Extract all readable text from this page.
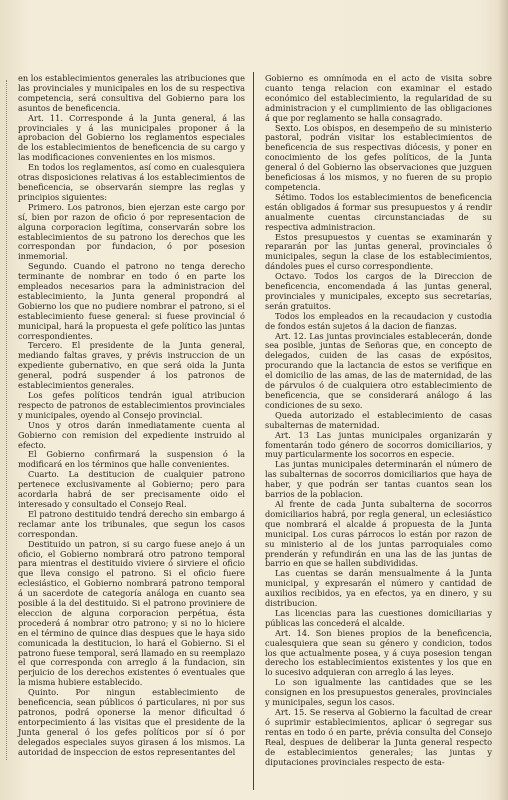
en los establecimientos generales las atribuciones que las provinciales y municipales en los de su respectiva competencia, será consultiva del Gobierno para los asuntos de beneficencia.

Art. 11. Corresponde á la Junta general, á las provinciales y á las municipales proponer á la aprobacion del Gobierno los reglamentos especiales de los establecimientos de beneficencia de su cargo y las modificaciones convenientes en los mismos.

En todos los reglamentos, así como en cualesquiera otras disposiciones relativas á los establecimientos de beneficencia, se observarán siempre las reglas y principios siguientes:

Primero. Los patronos, bien ejerzan este cargo por sí, bien por razon de oficio ó por representacion de alguna corporacion legítima, conservarán sobre los establecimientos de su patrono los derechos que les correspondan por fundacion, ó por posesion inmemorial.

Segundo. Cuando el patrono no tenga derecho terminante de nombrar en todo ó en parte los empleados necesarios para la administracion del establecimiento, la Junta general propondrá al Gobierno los que no pudiere nombrar el patrono, si el establecimiento fuese general: si fuese provincial ó municipal, hará la propuesta el gefe político las juntas correspondientes.

Tercero. El presidente de la Junta general, mediando faltas graves, y prévis instruccion de un expediente gubernativo, en que será oida la Junta general, podrá suspender á los patronos de establecimientos generales.

Los gefes políticos tendrán igual atribucion respecto de patronos de establecimientos provinciales y municipales, oyendo al Consejo provincial.

Unos y otros darán inmediatamente cuenta al Gobierno con remision del expediente instruido al efecto.

El Gobierno confirmará la suspension ó la modificará en los términos que halle convenientes.

Cuarto. La destitucion de cualquier patrono pertenece exclusivamente al Gobierno; pero para acordarla habrá de ser precisamente oido el interesado y consultado el Consejo Real.

El patrono destituido tendrá derecho sin embargo á reclamar ante los tribunales, que segun los casos correspondan.

Destituido un patron, si su cargo fuese anejo á un oficio, el Gobierno nombrará otro patrono temporal para mientras el destituido viviere ó sirviere el oficio que lleva consigo el patrono. Si el oficio fuere eclesiástico, el Gobierno nombrará patrono temporal á un sacerdote de categoría análoga en cuanto sea posible á la del destituido. Si el patrono proviniere de eleccion de alguna corporacion perpétua, ésta procederá á nombrar otro patrono; y si no lo hiciere en el término de quince dias despues que le haya sido comunicada la destitucion, lo hará el Gobierno. Si el patrono fuese temporal, será llamado en su reemplazo el que corresponda con arreglo á la fundacion, sin perjuicio de los derechos existentes ó eventuales que la misma hubiere establecido.

Quinto. Por ningun establecimiento de beneficencia, sean públicos ó particulares, ni por sus patronos, podrá oponerse la menor dificultad ó entorpecimiento á las visitas que el presidente de la Junta general ó los gefes políticos por sí ó por delegados especiales suyos girasen á los mismos. La autoridad de inspeccion de estos representantes del

Gobierno es omnímoda en el acto de visita sobre cuanto tenga relacion con examinar el estado económico del establecimiento, la regularidad de su administracion y el cumplimiento de las obligaciones á que por reglamento se halla consagrado.

Sexto. Los obispos, en desempeño de su ministerio pastoral, podrán visitar los establecimientos de beneficencia de sus respectivas diócesis, y poner en conocimiento de los gefes políticos, de la Junta general ó del Gobierno las observaciones que juzguen beneficiosas á los mismos, y no fueren de su propio competencia.

Sétimo. Todos los establecimientos de beneficencia están obligados á formar sus presupuestos y á rendir anualmente cuentas circunstanciadas de su respectiva administracion.

Estos presupuestos y cuentas se examinarán y repararán por las juntas general, provinciales ó municipales, segun la clase de los establecimientos, dándoles pues el curso correspondiente.

Octavo. Todos los cargos de la Direccion de beneficencia, encomendada á las juntas general, provinciales y municipales, excepto sus secretarías, serán gratuitos.

Todos los empleados en la recaudacion y custodia de fondos están sujetos á la dacion de fianzas.

Art. 12. Las juntas provinciales establecerán, donde sea posible, juntas de Señoras que, en concepto de delegados, cuiden de las casas de expósitos, procurando que la lactancia de estos se verifique en el domicilio de las amas, de las de maternidad, de las de párvulos ó de cualquiera otro establecimiento de beneficencia, que se considerará análogo á las condiciones de su sexo.

Queda autorizado el establecimiento de casas subalternas de maternidad.

Art. 13 Las juntas municipales organizarán y fomentarán todo género de socorros domiciliarios, y muy particularmente los socorros en especie.

Las juntas municipales determinarán el número de las subalternas de socorros domiciliarios que haya de haber, y que podrán ser tantas cuantos sean los barrios de la poblacion.

Al frente de cada Junta subalterna de socorros domiciliarios habrá, por regla general, un eclesiástico que nombrará el alcalde á propuesta de la Junta municipal. Los curas párrocos lo están por razon de su ministerio al de los juntas parroquiales como prenderán y refundirán en una las de las juntas de barrio en que se hallen subdivididas.

Las cuentas se darán mensualmente á la Junta municipal, y expresarán el número y cantidad de auxilios recibidos, ya en efectos, ya en dinero, y su distribucion.

Las licencias para las cuestiones domiciliarias y públicas las concederá el alcalde.

Art. 14. Son bienes propios de la beneficencia, cualesquiera que sean su género y condicion, todos los que actualmente posea, y á cuya posesion tengan derecho los establecimientos existentes y los que en lo sucesivo adquieran con arreglo á las leyes.

Lo son igualmente las cantidades que se les consignen en los presupuestos generales, provinciales y municipales, segun los casos.

Art. 15. Se reserva al Gobierno la facultad de crear ó suprimir establecimientos, aplicar ó segregar sus rentas en todo ó en parte, prévia consulta del Consejo Real, despues de deliberar la Junta general respecto de establecimientos generales; las juntas y diputaciones provinciales respecto de esta-
